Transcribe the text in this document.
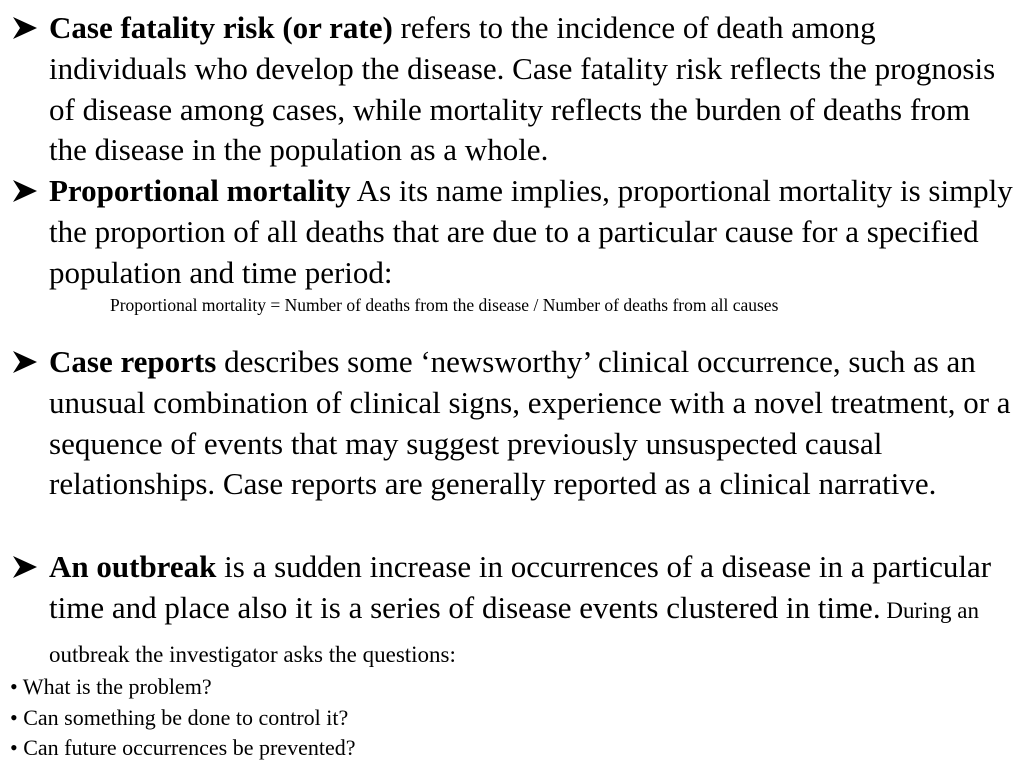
Case fatality risk (or rate) refers to the incidence of death among individuals who develop the disease. Case fatality risk reflects the prognosis of disease among cases, while mortality reflects the burden of deaths from the disease in the population as a whole.
Proportional mortality As its name implies, proportional mortality is simply the proportion of all deaths that are due to a particular cause for a specified population and time period:
Proportional mortality = Number of deaths from the disease / Number of deaths from all causes
Case reports describes some ‘newsworthy’ clinical occurrence, such as an unusual combination of clinical signs, experience with a novel treatment, or a sequence of events that may suggest previously unsuspected causal relationships. Case reports are generally reported as a clinical narrative.
An outbreak is a sudden increase in occurrences of a disease in a particular time and place also it is a series of disease events clustered in time. During an outbreak the investigator asks the questions:
• What is the problem?
• Can something be done to control it?
• Can future occurrences be prevented?
